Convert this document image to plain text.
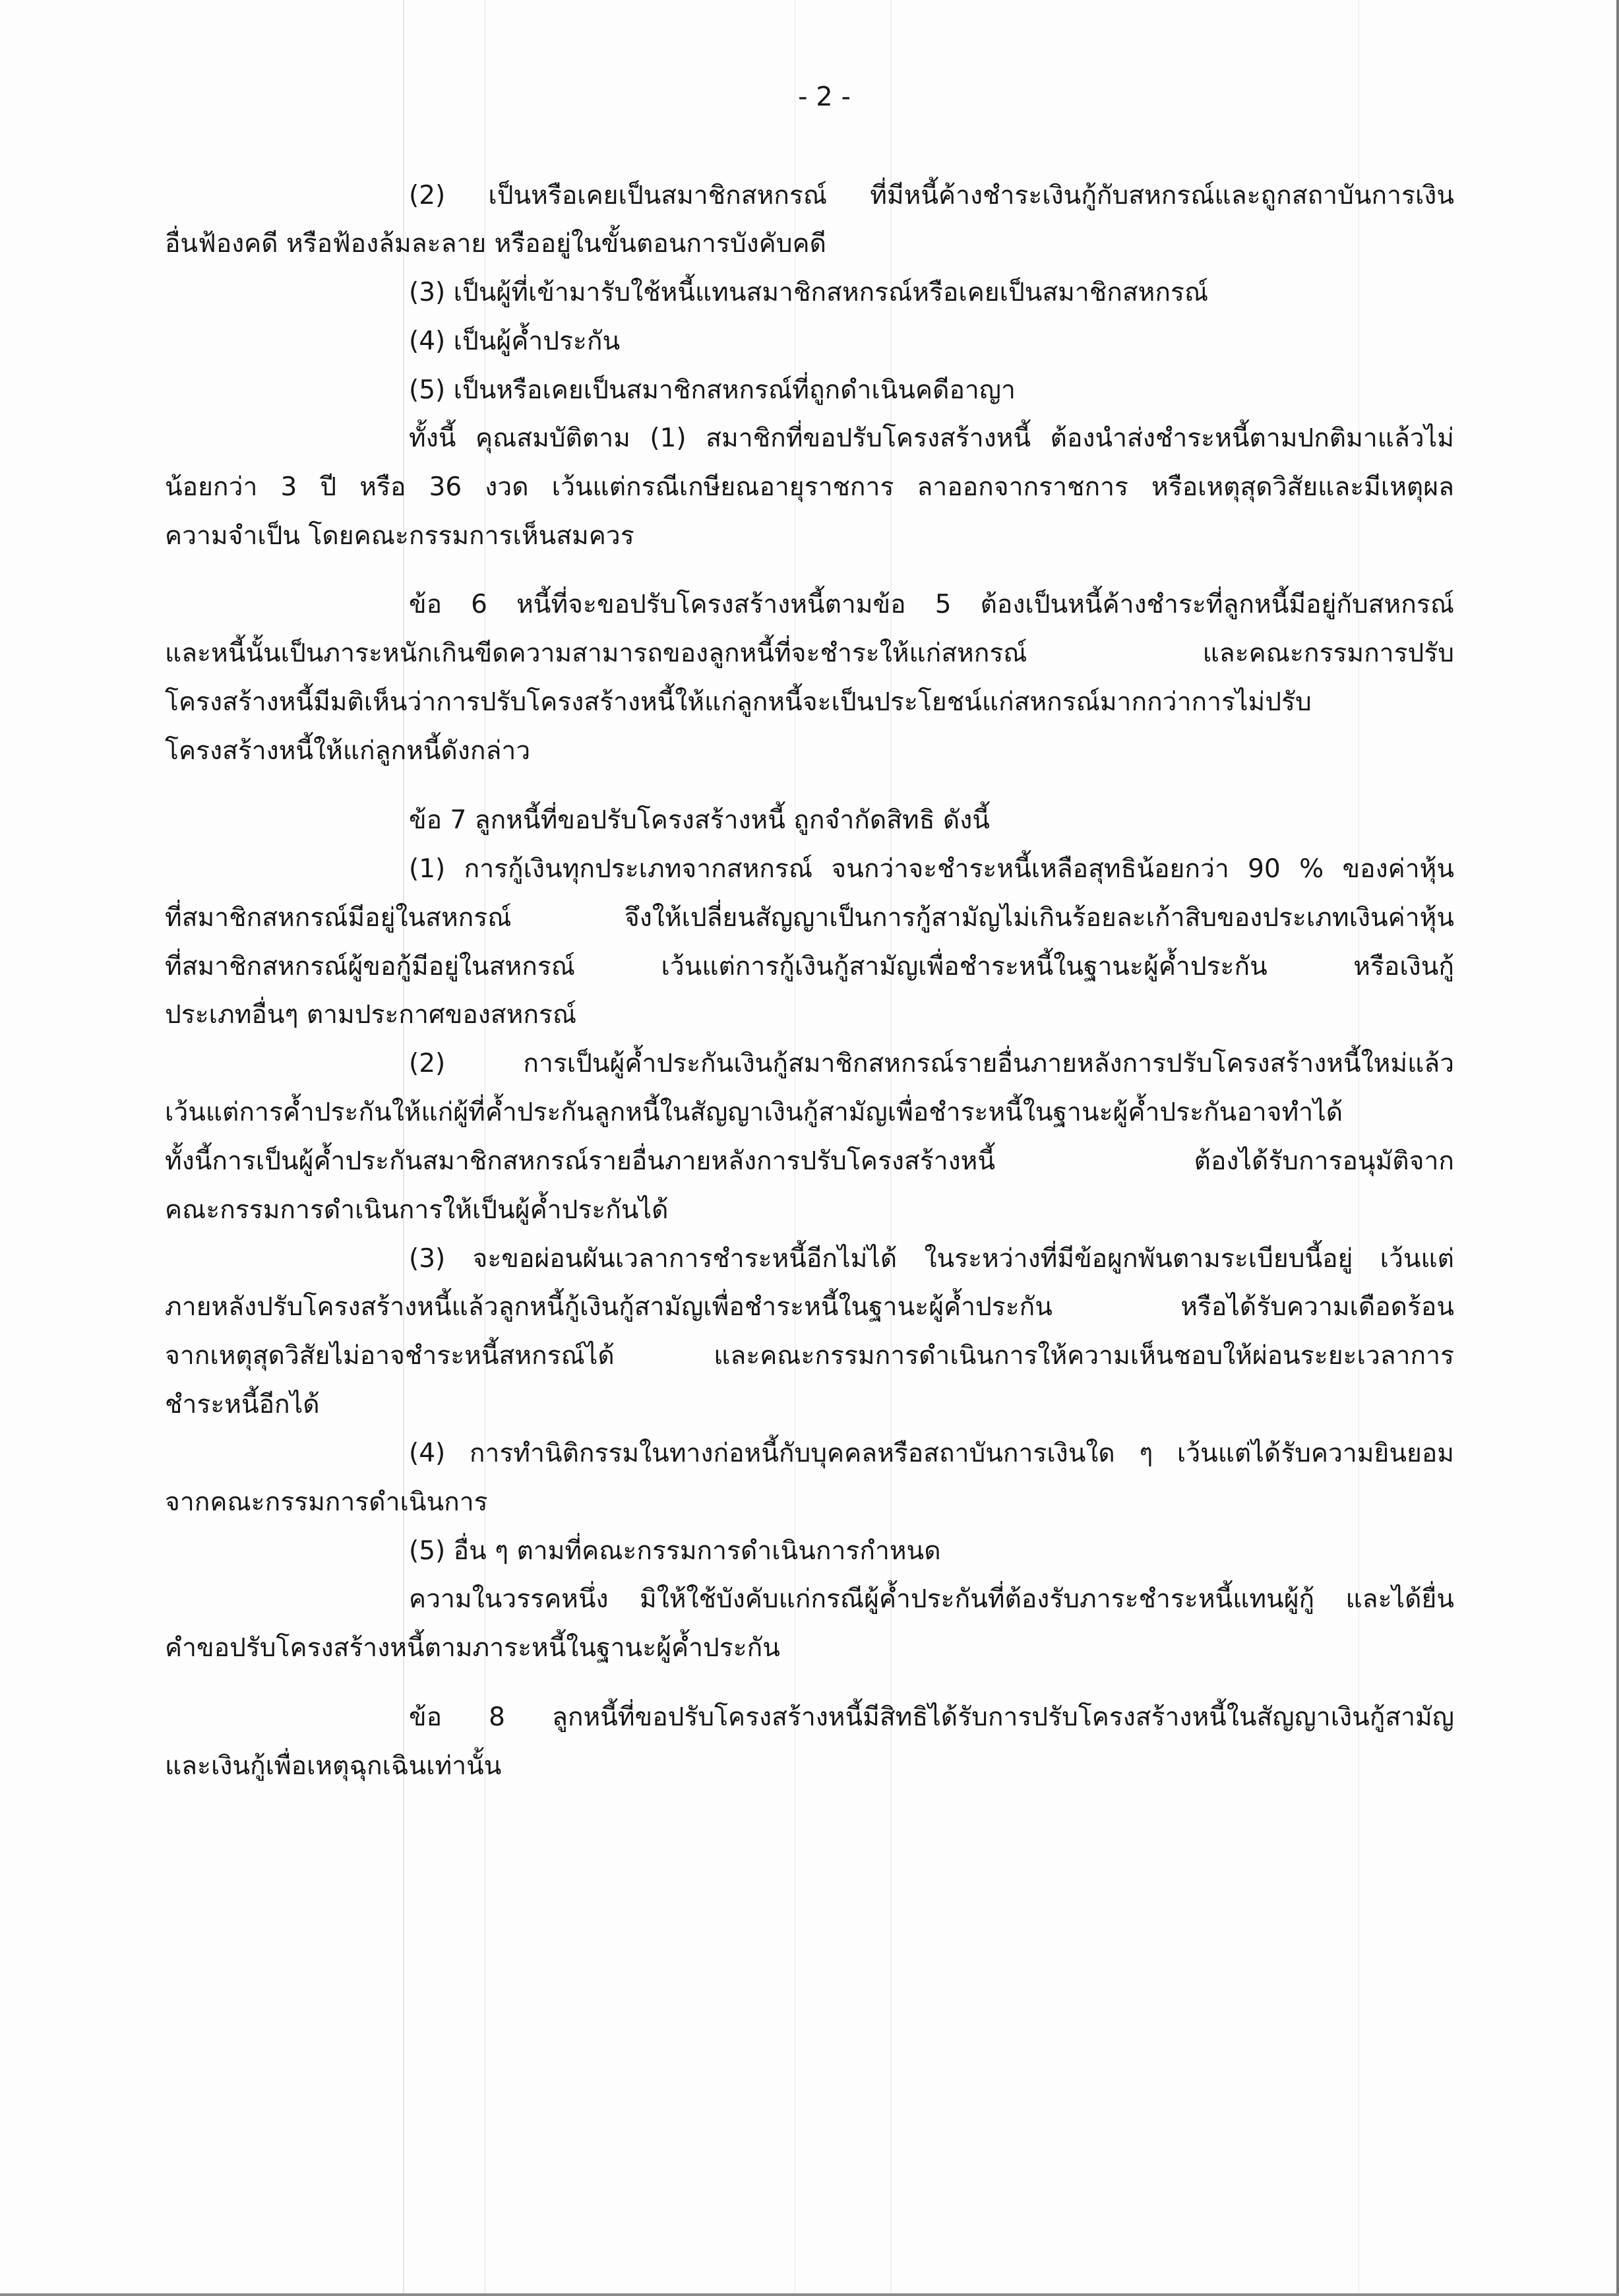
- 2 -
(2) เป็นหรือเคยเป็นสมาชิกสหกรณ์ ที่มีหนี้ค้างชำระเงินกู้กับสหกรณ์และถูกสถาบันการเงิน
อื่นฟ้องคดี หรือฟ้องล้มละลาย หรืออยู่ในขั้นตอนการบังคับคดี
(3) เป็นผู้ที่เข้ามารับใช้หนี้แทนสมาชิกสหกรณ์หรือเคยเป็นสมาชิกสหกรณ์
(4) เป็นผู้ค้ำประกัน
(5) เป็นหรือเคยเป็นสมาชิกสหกรณ์ที่ถูกดำเนินคดีอาญา
ทั้งนี้ คุณสมบัติตาม (1) สมาชิกที่ขอปรับโครงสร้างหนี้ ต้องนำส่งชำระหนี้ตามปกติมาแล้วไม่
น้อยกว่า 3 ปี หรือ 36 งวด เว้นแต่กรณีเกษียณอายุราชการ ลาออกจากราชการ หรือเหตุสุดวิสัยและมีเหตุผล
ความจำเป็น โดยคณะกรรมการเห็นสมควร
ข้อ 6 หนี้ที่จะขอปรับโครงสร้างหนี้ตามข้อ 5 ต้องเป็นหนี้ค้างชำระที่ลูกหนี้มีอยู่กับสหกรณ์
และหนี้นั้นเป็นภาระหนักเกินขีดความสามารถของลูกหนี้ที่จะชำระให้แก่สหกรณ์ และคณะกรรมการปรับ
โครงสร้างหนี้มีมติเห็นว่าการปรับโครงสร้างหนี้ให้แก่ลูกหนี้จะเป็นประโยชน์แก่สหกรณ์มากกว่าการไม่ปรับ
โครงสร้างหนี้ให้แก่ลูกหนี้ดังกล่าว
ข้อ 7 ลูกหนี้ที่ขอปรับโครงสร้างหนี้ ถูกจำกัดสิทธิ ดังนี้
(1) การกู้เงินทุกประเภทจากสหกรณ์ จนกว่าจะชำระหนี้เหลือสุทธิน้อยกว่า 90 % ของค่าหุ้น
ที่สมาชิกสหกรณ์มีอยู่ในสหกรณ์ จึงให้เปลี่ยนสัญญาเป็นการกู้สามัญไม่เกินร้อยละเก้าสิบของประเภทเงินค่าหุ้น
ที่สมาชิกสหกรณ์ผู้ขอกู้มีอยู่ในสหกรณ์ เว้นแต่การกู้เงินกู้สามัญเพื่อชำระหนี้ในฐานะผู้ค้ำประกัน หรือเงินกู้
ประเภทอื่นๆ ตามประกาศของสหกรณ์
(2) การเป็นผู้ค้ำประกันเงินกู้สมาชิกสหกรณ์รายอื่นภายหลังการปรับโครงสร้างหนี้ใหม่แล้ว
เว้นแต่การค้ำประกันให้แก่ผู้ที่ค้ำประกันลูกหนี้ในสัญญาเงินกู้สามัญเพื่อชำระหนี้ในฐานะผู้ค้ำประกันอาจทำได้
ทั้งนี้การเป็นผู้ค้ำประกันสมาชิกสหกรณ์รายอื่นภายหลังการปรับโครงสร้างหนี้ ต้องได้รับการอนุมัติจาก
คณะกรรมการดำเนินการให้เป็นผู้ค้ำประกันได้
(3) จะขอผ่อนผันเวลาการชำระหนี้อีกไม่ได้ ในระหว่างที่มีข้อผูกพันตามระเบียบนี้อยู่ เว้นแต่
ภายหลังปรับโครงสร้างหนี้แล้วลูกหนี้กู้เงินกู้สามัญเพื่อชำระหนี้ในฐานะผู้ค้ำประกัน หรือได้รับความเดือดร้อน
จากเหตุสุดวิสัยไม่อาจชำระหนี้สหกรณ์ได้ และคณะกรรมการดำเนินการให้ความเห็นชอบให้ผ่อนระยะเวลาการ
ชำระหนี้อีกได้
(4) การทำนิติกรรมในทางก่อหนี้กับบุคคลหรือสถาบันการเงินใด ๆ เว้นแต่ได้รับความยินยอม
จากคณะกรรมการดำเนินการ
(5) อื่น ๆ ตามที่คณะกรรมการดำเนินการกำหนด
ความในวรรคหนึ่ง มิให้ใช้บังคับแก่กรณีผู้ค้ำประกันที่ต้องรับภาระชำระหนี้แทนผู้กู้ และได้ยื่น
คำขอปรับโครงสร้างหนี้ตามภาระหนี้ในฐานะผู้ค้ำประกัน
ข้อ 8 ลูกหนี้ที่ขอปรับโครงสร้างหนี้มีสิทธิได้รับการปรับโครงสร้างหนี้ในสัญญาเงินกู้สามัญ
และเงินกู้เพื่อเหตุฉุกเฉินเท่านั้น
